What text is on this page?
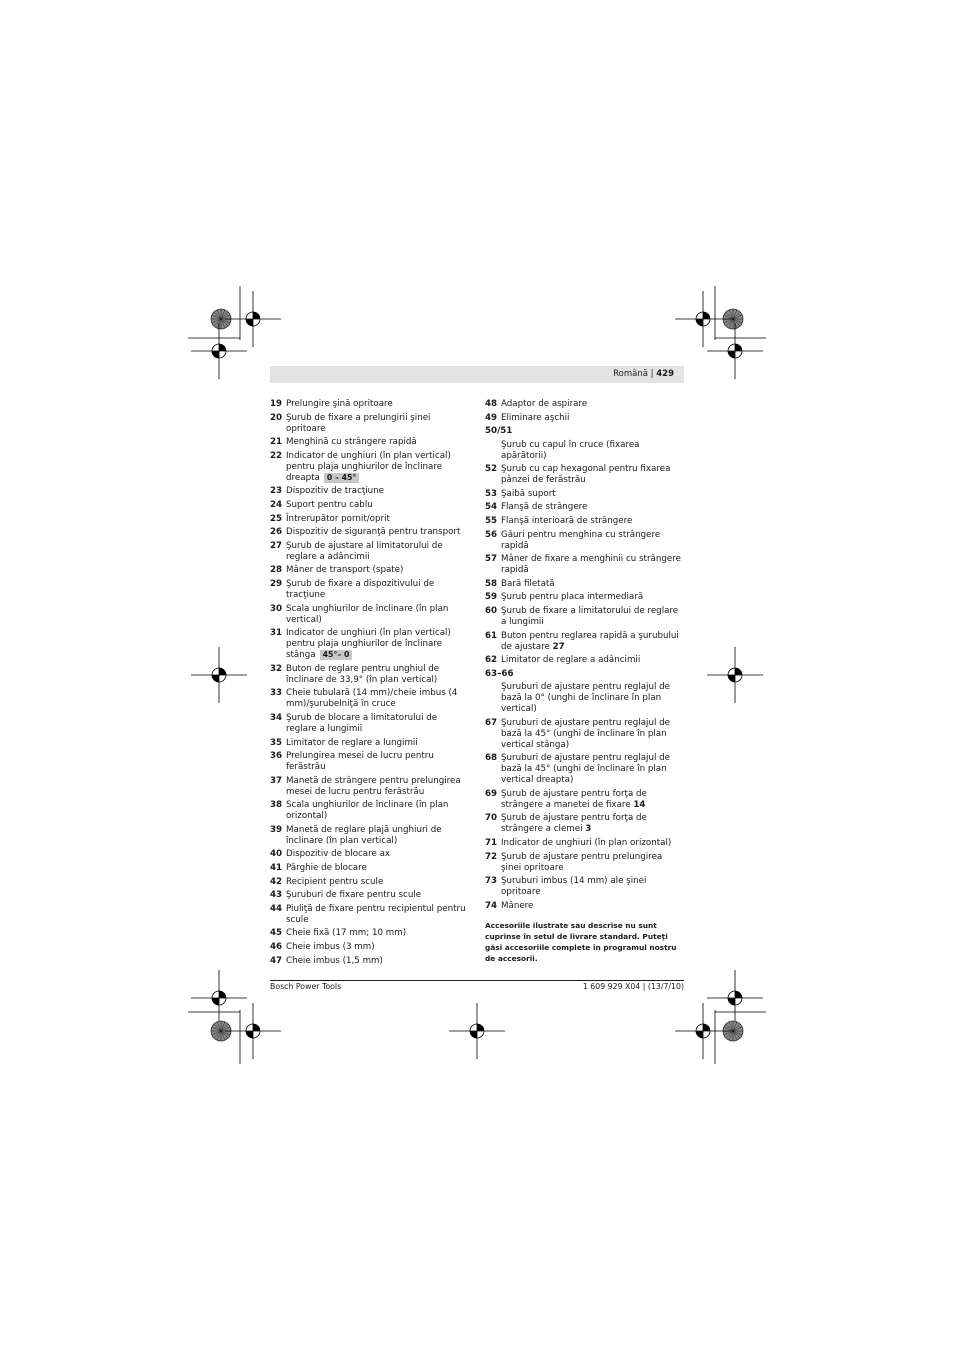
Română | 429
19 Prelungire şină opritoare
20 Şurub de fixare a prelungirii şinei opritoare
21 Menghină cu strângere rapidă
22 Indicator de unghiuri (în plan vertical) pentru plaja unghiurilor de înclinare dreapta 0 – 45°
23 Dispozitiv de tracţiune
24 Suport pentru cablu
25 Întrerupător pornit/oprit
26 Dispozitiv de siguranţă pentru transport
27 Şurub de ajustare al limitatorului de reglare a adâncimii
28 Mâner de transport (spate)
29 Şurub de fixare a dispozitivului de tracţiune
30 Scala unghiurilor de înclinare (în plan vertical)
31 Indicator de unghiuri (în plan vertical) pentru plaja unghiurilor de înclinare stânga 45°– 0
32 Buton de reglare pentru unghiul de înclinare de 33,9° (în plan vertical)
33 Cheie tubulară (14 mm)/cheie imbus (4 mm)/şurubelniţă în cruce
34 Şurub de blocare a limitatorului de reglare a lungimii
35 Limitator de reglare a lungimii
36 Prelungirea mesei de lucru pentru ferăstrău
37 Manetă de strângere pentru prelungirea mesei de lucru pentru ferăstrău
38 Scala unghiurilor de înclinare (în plan orizontal)
39 Manetă de reglare plajă unghiuri de înclinare (în plan vertical)
40 Dispozitiv de blocare ax
41 Pârghie de blocare
42 Recipient pentru scule
43 Şuruburi de fixare pentru scule
44 Piuliţă de fixare pentru recipientul pentru scule
45 Cheie fixă (17 mm; 10 mm)
46 Cheie imbus (3 mm)
47 Cheie imbus (1,5 mm)
48 Adaptor de aspirare
49 Eliminare aşchii
50/51
Şurub cu capul în cruce (fixarea apărătorii)
52 Şurub cu cap hexagonal pentru fixarea pânzei de ferăstrău
53 Şaibă suport
54 Flanşă de strângere
55 Flanşă interioară de strângere
56 Găuri pentru menghina cu strângere rapidă
57 Mâner de fixare a menghinii cu strângere rapidă
58 Bară filetată
59 Şurub pentru placa intermediară
60 Şurub de fixare a limitatorului de reglare a lungimii
61 Buton pentru reglarea rapidă a şurubului de ajustare 27
62 Limitator de reglare a adâncimii
63–66
Şuruburi de ajustare pentru reglajul de bază la 0° (unghi de înclinare în plan vertical)
67 Şuruburi de ajustare pentru reglajul de bază la 45° (unghi de înclinare în plan vertical stânga)
68 Şuruburi de ajustare pentru reglajul de bază la 45° (unghi de înclinare în plan vertical dreapta)
69 Şurub de ajustare pentru forţa de strângere a manetei de fixare 14
70 Şurub de ajustare pentru forţa de strângere a clemei 3
71 Indicator de unghiuri (în plan orizontal)
72 Şurub de ajustare pentru prelungirea şinei opritoare
73 Şuruburi imbus (14 mm) ale şinei opritoare
74 Mânere
Accesoriile ilustrate sau descrise nu sunt cuprinse în setul de livrare standard. Puteţi găsi accesoriile complete în programul nostru de accesorii.
Bosch Power Tools	1 609 929 X04 | (13/7/10)
